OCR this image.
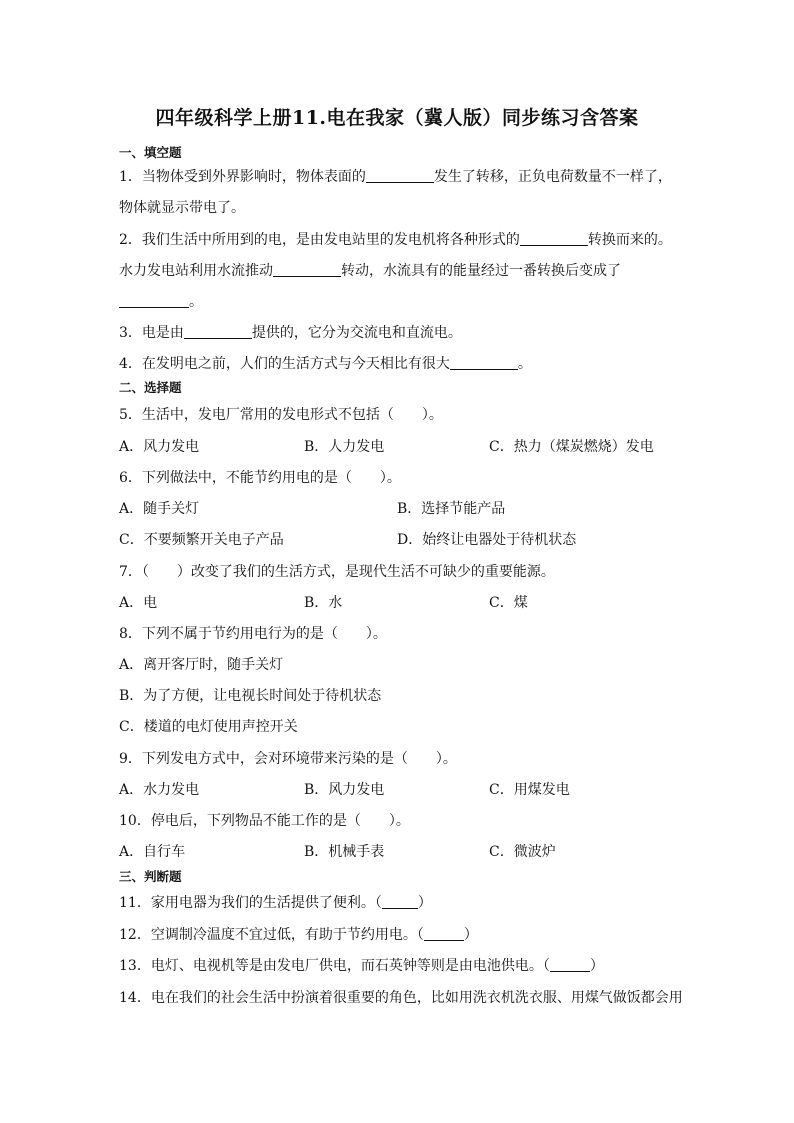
四年级科学上册11.电在我家（冀人版）同步练习含答案
一、填空题
1．当物体受到外界影响时，物体表面的	发生了转移，正负电荷数量不一样了，
物体就显示带电了。
2．我们生活中所用到的电，是由发电站里的发电机将各种形式的	转换而来的。
水力发电站利用水流推动	转动，水流具有的能量经过一番转换后变成了
。
3．电是由	提供的，它分为交流电和直流电。
4．在发明电之前，人们的生活方式与今天相比有很大	。
二、选择题
5．生活中，发电厂常用的发电形式不包括（　　）。
A．风力发电	B．人力发电	C．热力（煤炭燃烧）发电
6．下列做法中，不能节约用电的是（　　）。
A．随手关灯	B．选择节能产品
C．不要频繁开关电子产品	D．始终让电器处于待机状态
7．（　　）改变了我们的生活方式，是现代生活不可缺少的重要能源。
A．电	B．水	C．煤
8．下列不属于节约用电行为的是（　　）。
A．离开客厅时，随手关灯
B．为了方便，让电视长时间处于待机状态
C．楼道的电灯使用声控开关
9．下列发电方式中，会对环境带来污染的是（　　）。
A．水力发电	B．风力发电	C．用煤发电
10．停电后，下列物品不能工作的是（　　）。
A．自行车	B．机械手表	C．微波炉
三、判断题
11．家用电器为我们的生活提供了便利。（	）
12．空调制冷温度不宜过低，有助于节约用电。（	）
13．电灯、电视机等是由发电厂供电，而石英钟等则是由电池供电。（	）
14．电在我们的社会生活中扮演着很重要的角色，比如用洗衣机洗衣服、用煤气做饭都会用
